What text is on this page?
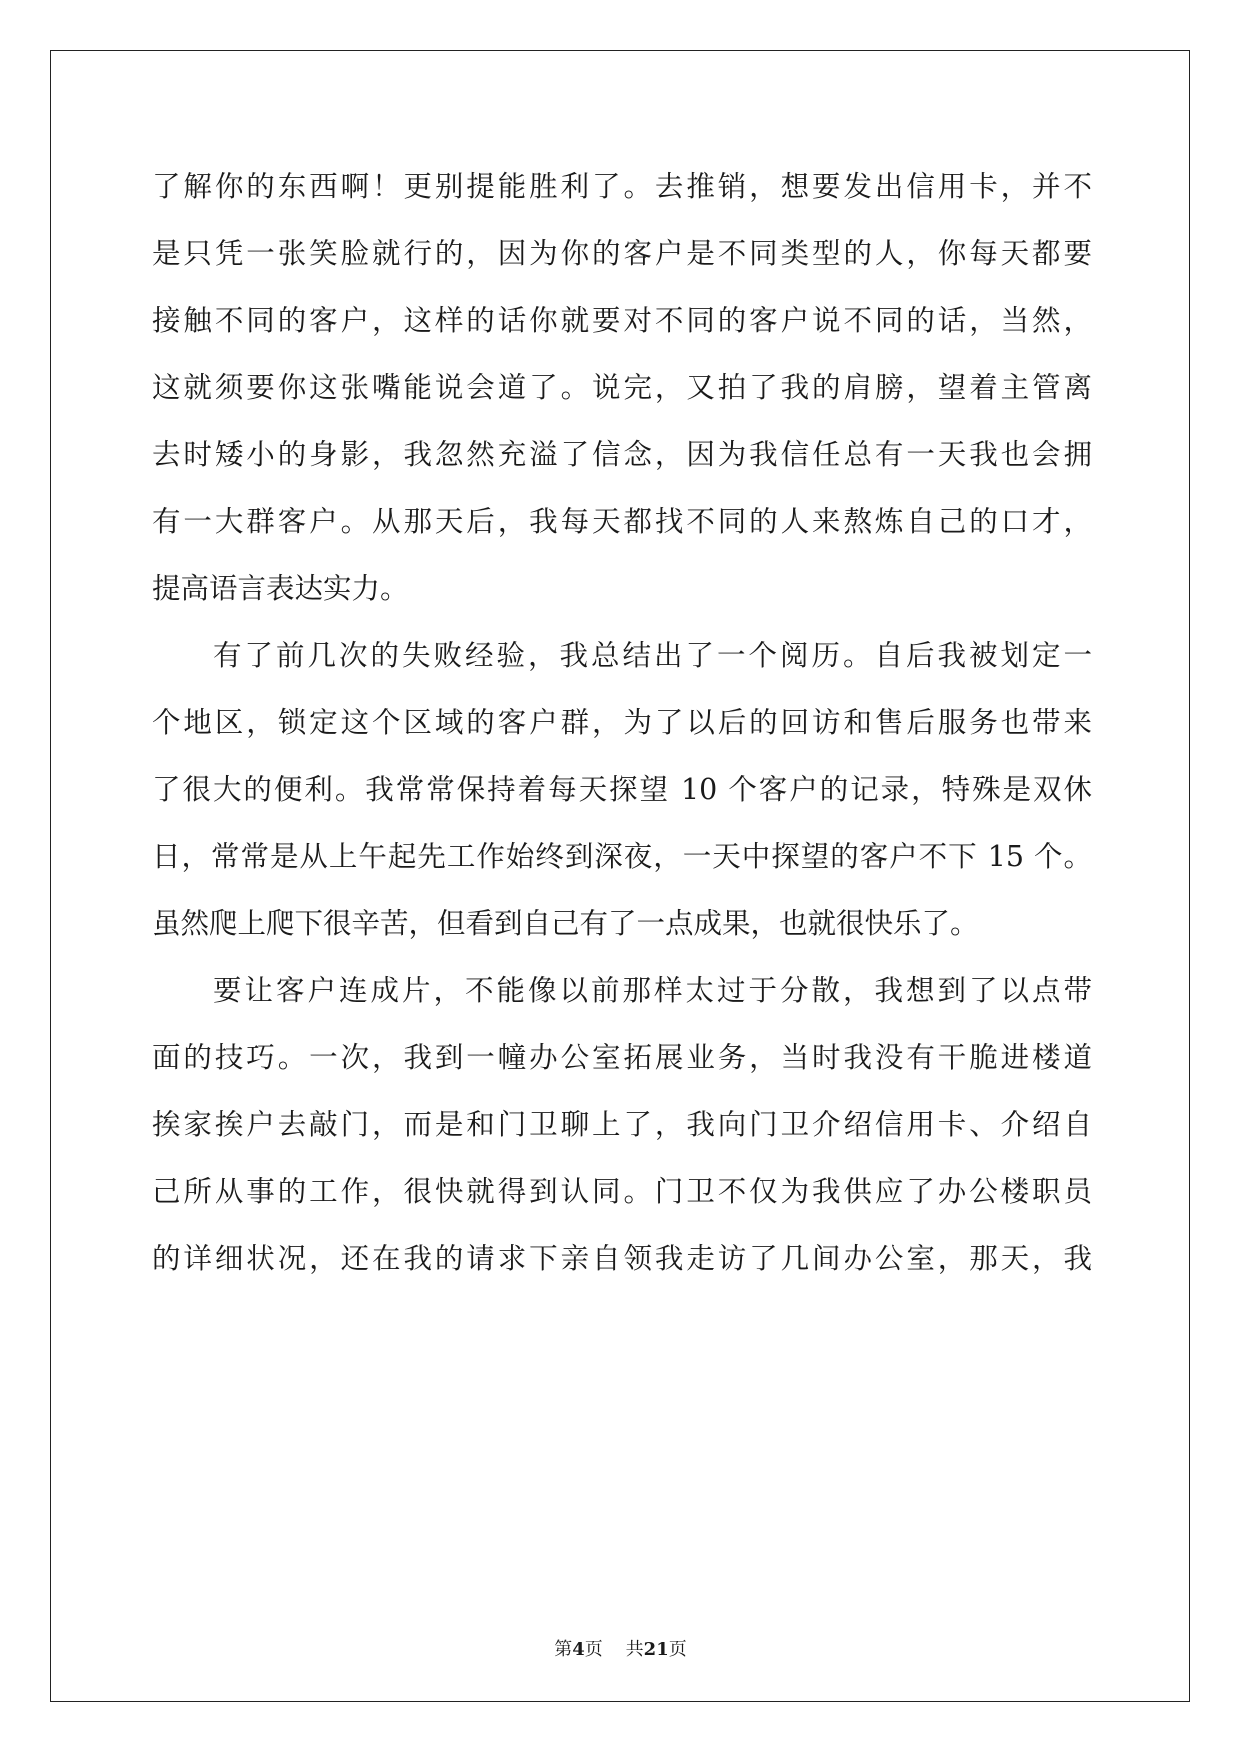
了解你的东西啊！更别提能胜利了。去推销，想要发出信用卡，并不
是只凭一张笑脸就行的，因为你的客户是不同类型的人，你每天都要
接触不同的客户，这样的话你就要对不同的客户说不同的话，当然，
这就须要你这张嘴能说会道了。说完，又拍了我的肩膀，望着主管离
去时矮小的身影，我忽然充溢了信念，因为我信任总有一天我也会拥
有一大群客户。从那天后，我每天都找不同的人来熬炼自己的口才，
提高语言表达实力。
有了前几次的失败经验，我总结出了一个阅历。自后我被划定一
个地区，锁定这个区域的客户群，为了以后的回访和售后服务也带来
了很大的便利。我常常保持着每天探望 10 个客户的记录，特殊是双休
日，常常是从上午起先工作始终到深夜，一天中探望的客户不下 15 个。
虽然爬上爬下很辛苦，但看到自己有了一点成果，也就很快乐了。
要让客户连成片，不能像以前那样太过于分散，我想到了以点带
面的技巧。一次，我到一幢办公室拓展业务，当时我没有干脆进楼道
挨家挨户去敲门，而是和门卫聊上了，我向门卫介绍信用卡、介绍自
己所从事的工作，很快就得到认同。门卫不仅为我供应了办公楼职员
的详细状况，还在我的请求下亲自领我走访了几间办公室，那天，我
第4页 共21页
